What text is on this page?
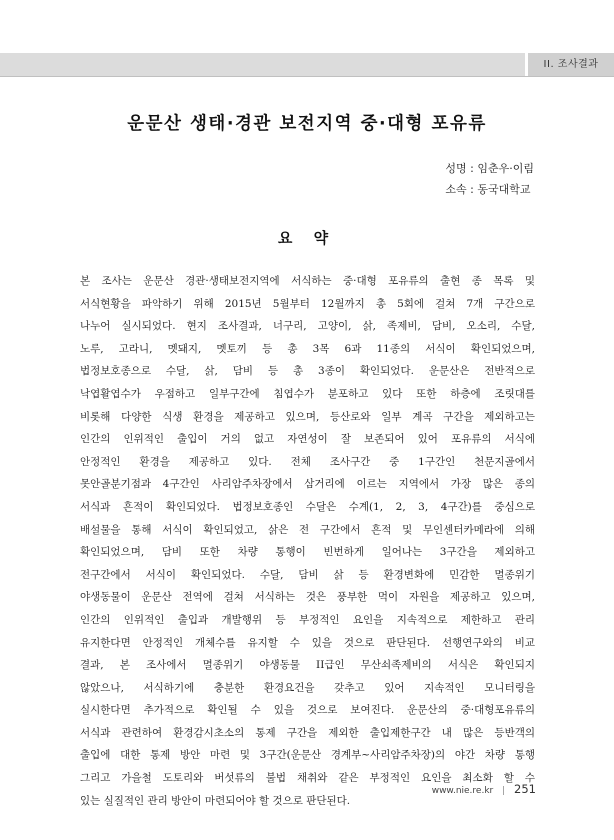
II. 조사결과
운문산 생태·경관 보전지역 중·대형 포유류
성명 : 임춘우·이림
소속 : 동국대학교
요 약
본 조사는 운문산 경관·생태보전지역에 서식하는 중·대형 포유류의 출현 종 목록 및
서식현황을 파악하기 위해 2015년 5월부터 12월까지 총 5회에 걸쳐 7개 구간으로
나누어 실시되었다. 현지 조사결과, 너구리, 고양이, 삵, 족제비, 담비, 오소리, 수달,
노루, 고라니, 멧돼지, 멧토끼 등 총 3목 6과 11종의 서식이 확인되었으며,
법정보호종으로 수달, 삵, 담비 등 총 3종이 확인되었다. 운문산은 전반적으로
낙엽활엽수가 우점하고 일부구간에 침엽수가 분포하고 있다 또한 하층에 조릿대를
비롯해 다양한 식생 환경을 제공하고 있으며, 등산로와 일부 계곡 구간을 제외하고는
인간의 인위적인 출입이 거의 없고 자연성이 잘 보존되어 있어 포유류의 서식에
안정적인 환경을 제공하고 있다. 전체 조사구간 중 1구간인 천문지골에서
못안골분기점과 4구간인 사리암주차장에서 삼거리에 이르는 지역에서 가장 많은 종의
서식과 흔적이 확인되었다. 법정보호종인 수달은 수계(1, 2, 3, 4구간)를 중심으로
배설물을 통해 서식이 확인되었고, 삵은 전 구간에서 흔적 및 무인센터카메라에 의해
확인되었으며, 담비 또한 차량 통행이 빈번하게 일어나는 3구간을 제외하고
전구간에서 서식이 확인되었다. 수달, 담비 삵 등 환경변화에 민감한 멸종위기
야생동물이 운문산 전역에 걸쳐 서식하는 것은 풍부한 먹이 자원을 제공하고 있으며,
인간의 인위적인 출입과 개발행위 등 부정적인 요인을 지속적으로 제한하고 관리
유지한다면 안정적인 개체수를 유지할 수 있을 것으로 판단된다. 선행연구와의 비교
결과, 본 조사에서 멸종위기 야생동물 II급인 무산쇠족제비의 서식은 확인되지
않았으나, 서식하기에 충분한 환경요건을 갖추고 있어 지속적인 모니터링을
실시한다면 추가적으로 확인될 수 있을 것으로 보여진다. 운문산의 중·대형포유류의
서식과 관련하여 환경감시초소의 통제 구간을 제외한 출입제한구간 내 많은 등반객의
출입에 대한 통제 방안 마련 및 3구간(운문산 경계부~사리암주차장)의 야간 차량 통행
그리고 가을철 도토리와 버섯류의 불법 채취와 같은 부정적인 요인을 최소화 할 수
있는 실질적인 관리 방안이 마련되어야 할 것으로 판단된다.
www.nie.re.kr | 251
